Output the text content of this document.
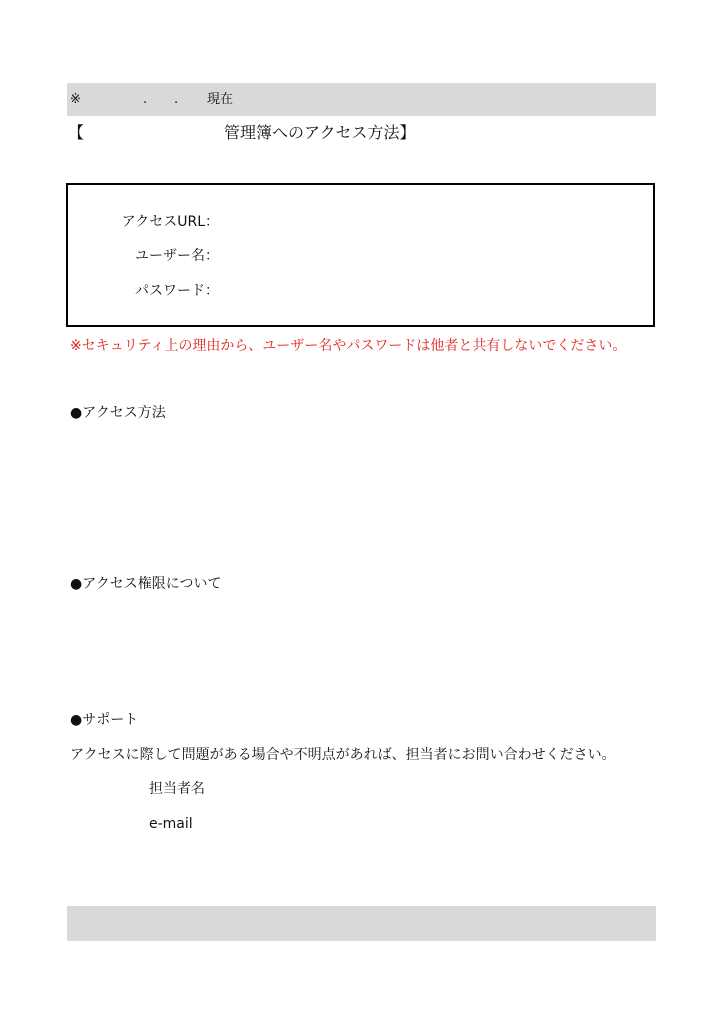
※	. . 現在
【	管理簿へのアクセス方法】
アクセスURL：
ユーザー名：
パスワード：
※セキュリティ上の理由から、ユーザー名やパスワードは他者と共有しないでください。
●アクセス方法
●アクセス権限について
●サポート
アクセスに際して問題がある場合や不明点があれば、担当者にお問い合わせください。
担当者名
e-mail
